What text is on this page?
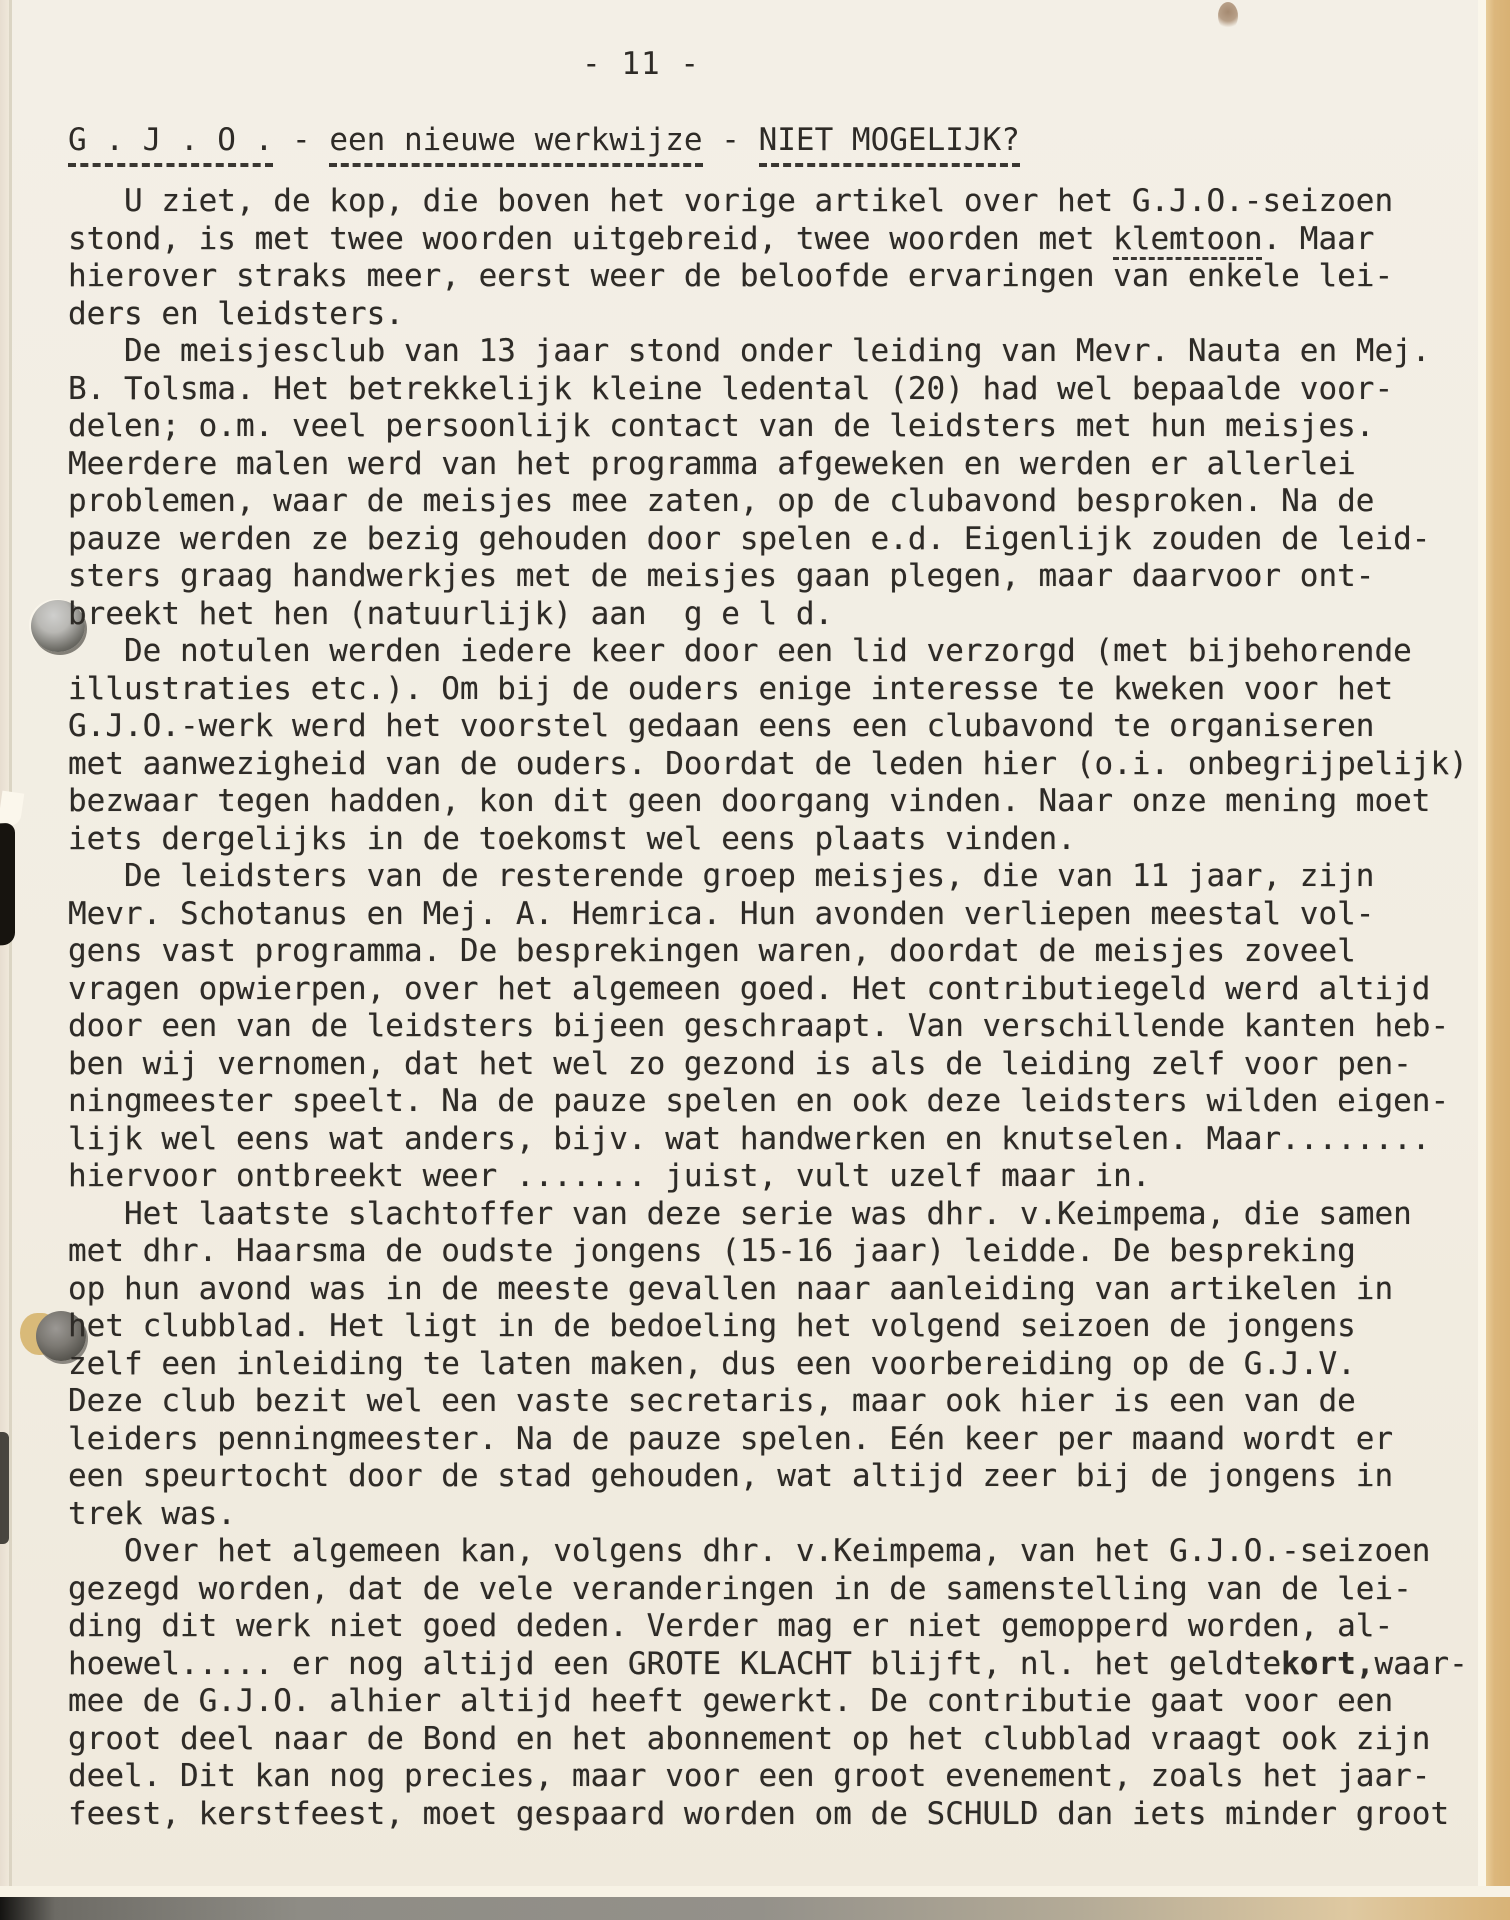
- 11 -
G . J . O . - een nieuwe werkwijze - NIET MOGELIJK?
U ziet, de kop, die boven het vorige artikel over het G.J.O.-seizoen
stond, is met twee woorden uitgebreid, twee woorden met klemtoon. Maar
hierover straks meer, eerst weer de beloofde ervaringen van enkele lei-
ders en leidsters.
De meisjesclub van 13 jaar stond onder leiding van Mevr. Nauta en Mej.
B. Tolsma. Het betrekkelijk kleine ledental (20) had wel bepaalde voor-
delen; o.m. veel persoonlijk contact van de leidsters met hun meisjes.
Meerdere malen werd van het programma afgeweken en werden er allerlei
problemen, waar de meisjes mee zaten, op de clubavond besproken. Na de
pauze werden ze bezig gehouden door spelen e.d. Eigenlijk zouden de leid-
sters graag handwerkjes met de meisjes gaan plegen, maar daarvoor ont-
breekt het hen (natuurlijk) aan  g e l d.
De notulen werden iedere keer door een lid verzorgd (met bijbehorende
illustraties etc.). Om bij de ouders enige interesse te kweken voor het
G.J.O.-werk werd het voorstel gedaan eens een clubavond te organiseren
met aanwezigheid van de ouders. Doordat de leden hier (o.i. onbegrijpelijk)
bezwaar tegen hadden, kon dit geen doorgang vinden. Naar onze mening moet
iets dergelijks in de toekomst wel eens plaats vinden.
De leidsters van de resterende groep meisjes, die van 11 jaar, zijn
Mevr. Schotanus en Mej. A. Hemrica. Hun avonden verliepen meestal vol-
gens vast programma. De besprekingen waren, doordat de meisjes zoveel
vragen opwierpen, over het algemeen goed. Het contributiegeld werd altijd
door een van de leidsters bijeen geschraapt. Van verschillende kanten heb-
ben wij vernomen, dat het wel zo gezond is als de leiding zelf voor pen-
ningmeester speelt. Na de pauze spelen en ook deze leidsters wilden eigen-
lijk wel eens wat anders, bijv. wat handwerken en knutselen. Maar........
hiervoor ontbreekt weer ....... juist, vult uzelf maar in.
Het laatste slachtoffer van deze serie was dhr. v.Keimpema, die samen
met dhr. Haarsma de oudste jongens (15-16 jaar) leidde. De bespreking
op hun avond was in de meeste gevallen naar aanleiding van artikelen in
het clubblad. Het ligt in de bedoeling het volgend seizoen de jongens
zelf een inleiding te laten maken, dus een voorbereiding op de G.J.V.
Deze club bezit wel een vaste secretaris, maar ook hier is een van de
leiders penningmeester. Na de pauze spelen. Eén keer per maand wordt er
een speurtocht door de stad gehouden, wat altijd zeer bij de jongens in
trek was.
Over het algemeen kan, volgens dhr. v.Keimpema, van het G.J.O.-seizoen
gezegd worden, dat de vele veranderingen in de samenstelling van de lei-
ding dit werk niet goed deden. Verder mag er niet gemopperd worden, al-
hoewel..... er nog altijd een GROTE KLACHT blijft, nl. het geldtekort,waar-
mee de G.J.O. alhier altijd heeft gewerkt. De contributie gaat voor een
groot deel naar de Bond en het abonnement op het clubblad vraagt ook zijn
deel. Dit kan nog precies, maar voor een groot evenement, zoals het jaar-
feest, kerstfeest, moet gespaard worden om de SCHULD dan iets minder groot
